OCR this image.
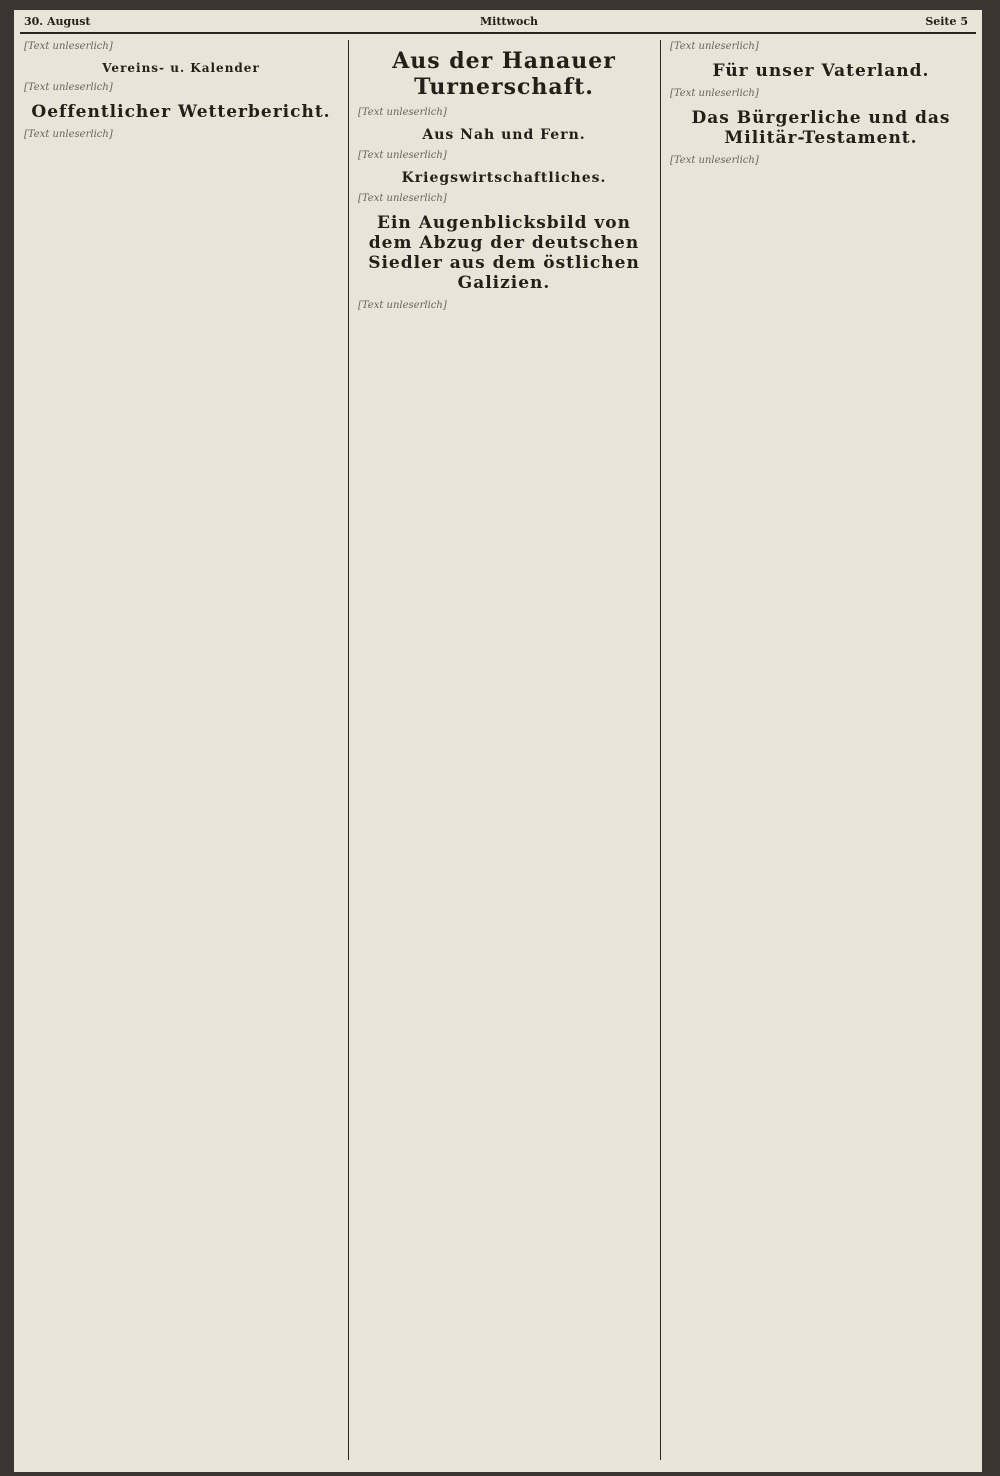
30. August	Mittwoch	Seite 5

[Text unleserlich]

Vereins- u. Kalender

[Text unleserlich]

Oeffentlicher Wetterbericht.

[Text unleserlich]

Aus der Hanauer Turnerschaft.

[Text unleserlich]

Aus Nah und Fern.

[Text unleserlich]

Kriegswirtschaftliches.

[Text unleserlich]

Ein Augenblicksbild von dem Abzug der deutschen Siedler aus dem östlichen Galizien.

[Text unleserlich]

[Text unleserlich]

Für unser Vaterland.

[Text unleserlich]

Das Bürgerliche und das Militär-Testament.

[Text unleserlich]
